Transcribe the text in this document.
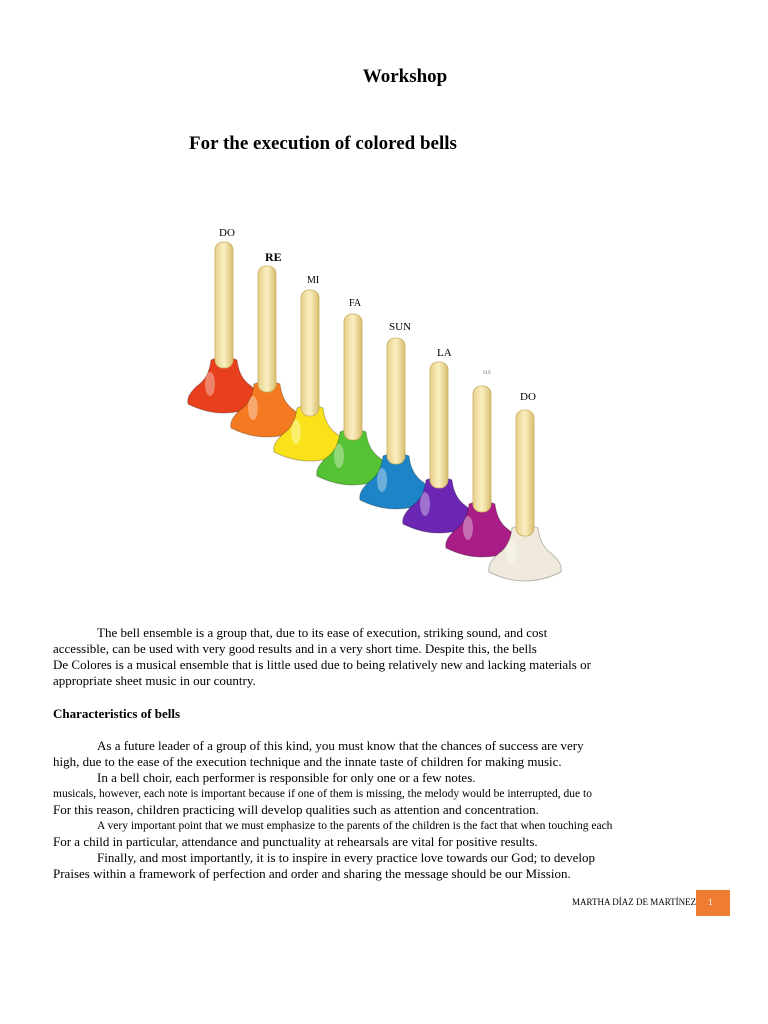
Workshop
For the execution of colored bells
DO
RE
MI
FA
SUN
LA
SIX
DO

The bell ensemble is a group that, due to its ease of execution, striking sound, and cost

accessible, can be used with very good results and in a very short time. Despite this, the bells

De Colores is a musical ensemble that is little used due to being relatively new and lacking materials or

appropriate sheet music in our country.

Characteristics of bells

As a future leader of a group of this kind, you must know that the chances of success are very

high, due to the ease of the execution technique and the innate taste of children for making music.

In a bell choir, each performer is responsible for only one or a few notes.

musicals, however, each note is important because if one of them is missing, the melody would be interrupted, due to

For this reason, children practicing will develop qualities such as attention and concentration.

A very important point that we must emphasize to the parents of the children is the fact that when touching each

For a child in particular, attendance and punctuality at rehearsals are vital for positive results.

Finally, and most importantly, it is to inspire in every practice love towards our God; to develop

Praises within a framework of perfection and order and sharing the message should be our Mission.

MARTHA DÍAZ DE MARTÍNEZ	1
